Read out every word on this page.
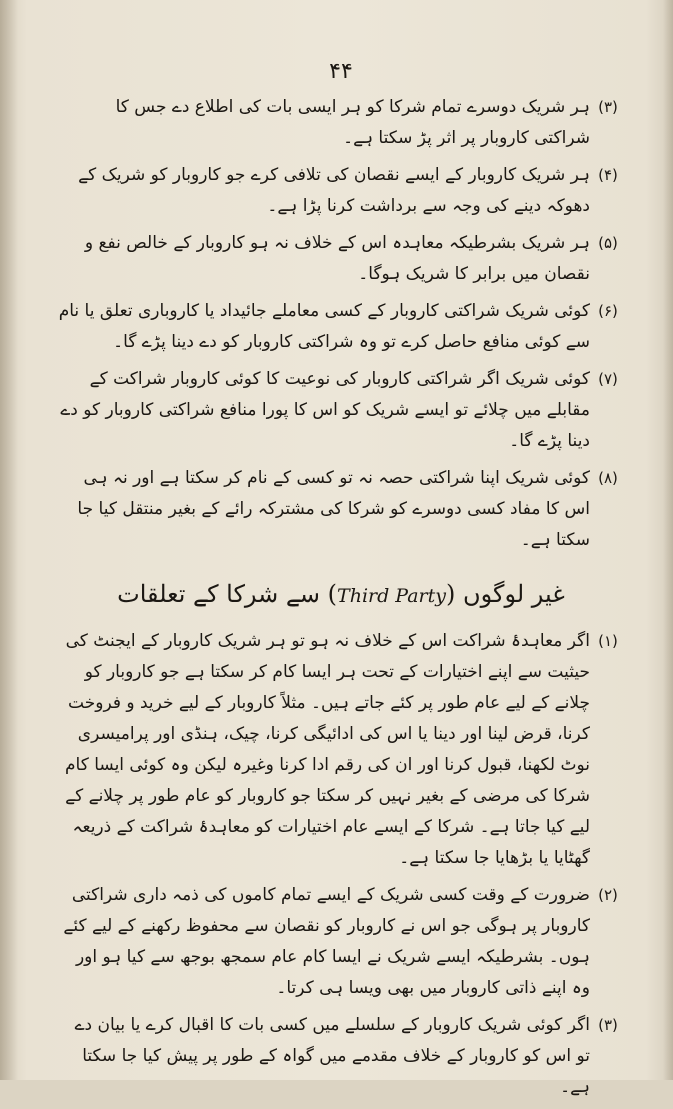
۴۴
(۳)
ہر شریک دوسرے تمام شرکا کو ہر ایسی بات کی اطلاع دے جس کا شراکتی کاروبار پر اثر پڑ سکتا ہے۔
(۴)
ہر شریک کاروبار کے ایسے نقصان کی تلافی کرے جو کاروبار کو شریک کے دھوکہ دینے کی وجہ سے برداشت کرنا پڑا ہے۔
(۵)
ہر شریک بشرطیکہ معاہدہ اس کے خلاف نہ ہو کاروبار کے خالص نفع و نقصان میں برابر کا شریک ہوگا۔
(۶)
کوئی شریک شراکتی کاروبار کے کسی معاملے جائیداد یا کاروباری تعلق یا نام سے کوئی منافع حاصل کرے تو وہ شراکتی کاروبار کو دے دینا پڑے گا۔
(۷)
کوئی شریک اگر شراکتی کاروبار کی نوعیت کا کوئی کاروبار شراکت کے مقابلے میں چلائے تو ایسے شریک کو اس کا پورا منافع شراکتی کاروبار کو دے دینا پڑے گا۔
(۸)
کوئی شریک اپنا شراکتی حصہ نہ تو کسی کے نام کر سکتا ہے اور نہ ہی اس کا مفاد کسی دوسرے کو شرکا کی مشترکہ رائے کے بغیر منتقل کیا جا سکتا ہے۔
غیر لوگوں (Third Party) سے شرکا کے تعلقات
(۱)
اگر معاہدۂ شراکت اس کے خلاف نہ ہو تو ہر شریک کاروبار کے ایجنٹ کی حیثیت سے اپنے اختیارات کے تحت ہر ایسا کام کر سکتا ہے جو کاروبار کو چلانے کے لیے عام طور پر کئے جاتے ہیں۔ مثلاً کاروبار کے لیے خرید و فروخت کرنا، قرض لینا اور دینا یا اس کی ادائیگی کرنا، چیک، ہنڈی اور پرامیسری نوٹ لکھنا، قبول کرنا اور ان کی رقم ادا کرنا وغیرہ لیکن وہ کوئی ایسا کام شرکا کی مرضی کے بغیر نہیں کر سکتا جو کاروبار کو عام طور پر چلانے کے لیے کیا جاتا ہے۔ شرکا کے ایسے عام اختیارات کو معاہدۂ شراکت کے ذریعہ گھٹایا یا بڑھایا جا سکتا ہے۔
(۲)
ضرورت کے وقت کسی شریک کے ایسے تمام کاموں کی ذمہ داری شراکتی کاروبار پر ہوگی جو اس نے کاروبار کو نقصان سے محفوظ رکھنے کے لیے کئے ہوں۔ بشرطیکہ ایسے شریک نے ایسا کام عام سمجھ بوجھ سے کیا ہو اور وہ اپنے ذاتی کاروبار میں بھی ویسا ہی کرتا۔
(۳)
اگر کوئی شریک کاروبار کے سلسلے میں کسی بات کا اقبال کرے یا بیان دے تو اس کو کاروبار کے خلاف مقدمے میں گواہ کے طور پر پیش کیا جا سکتا ہے۔
